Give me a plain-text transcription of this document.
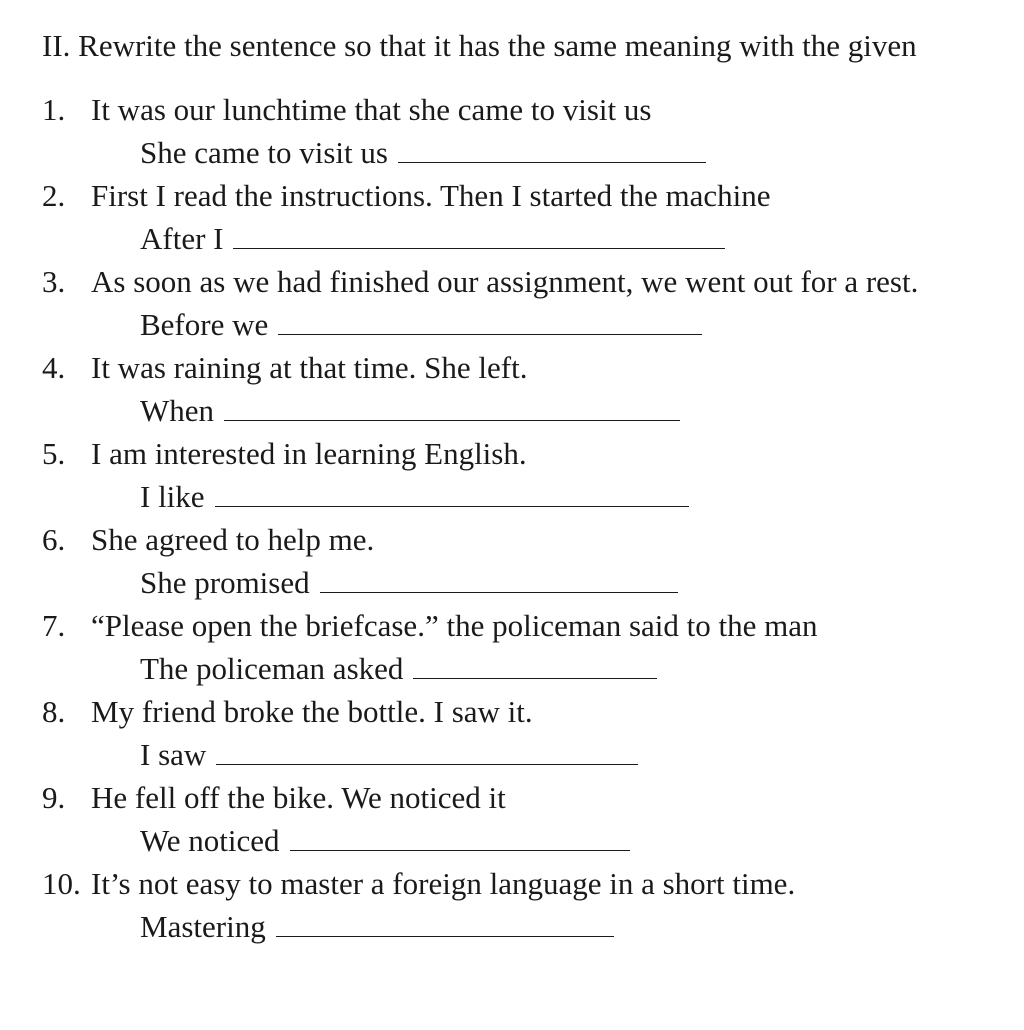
II. Rewrite the sentence so that it has the same meaning with the given
1. It was our lunchtime that she came to visit us
She came to visit us
2. First I read the instructions. Then I started the machine
After I
3. As soon as we had finished our assignment, we went out for a rest.
Before we
4. It was raining at that time. She left.
When
5. I am interested in learning English.
I like
6. She agreed to help me.
She promised
7. “Please open the briefcase.” the policeman said to the man
The policeman asked
8. My friend broke the bottle. I saw it.
I saw
9. He fell off the bike. We noticed it
We noticed
10. It’s not easy to master a foreign language in a short time.
Mastering
